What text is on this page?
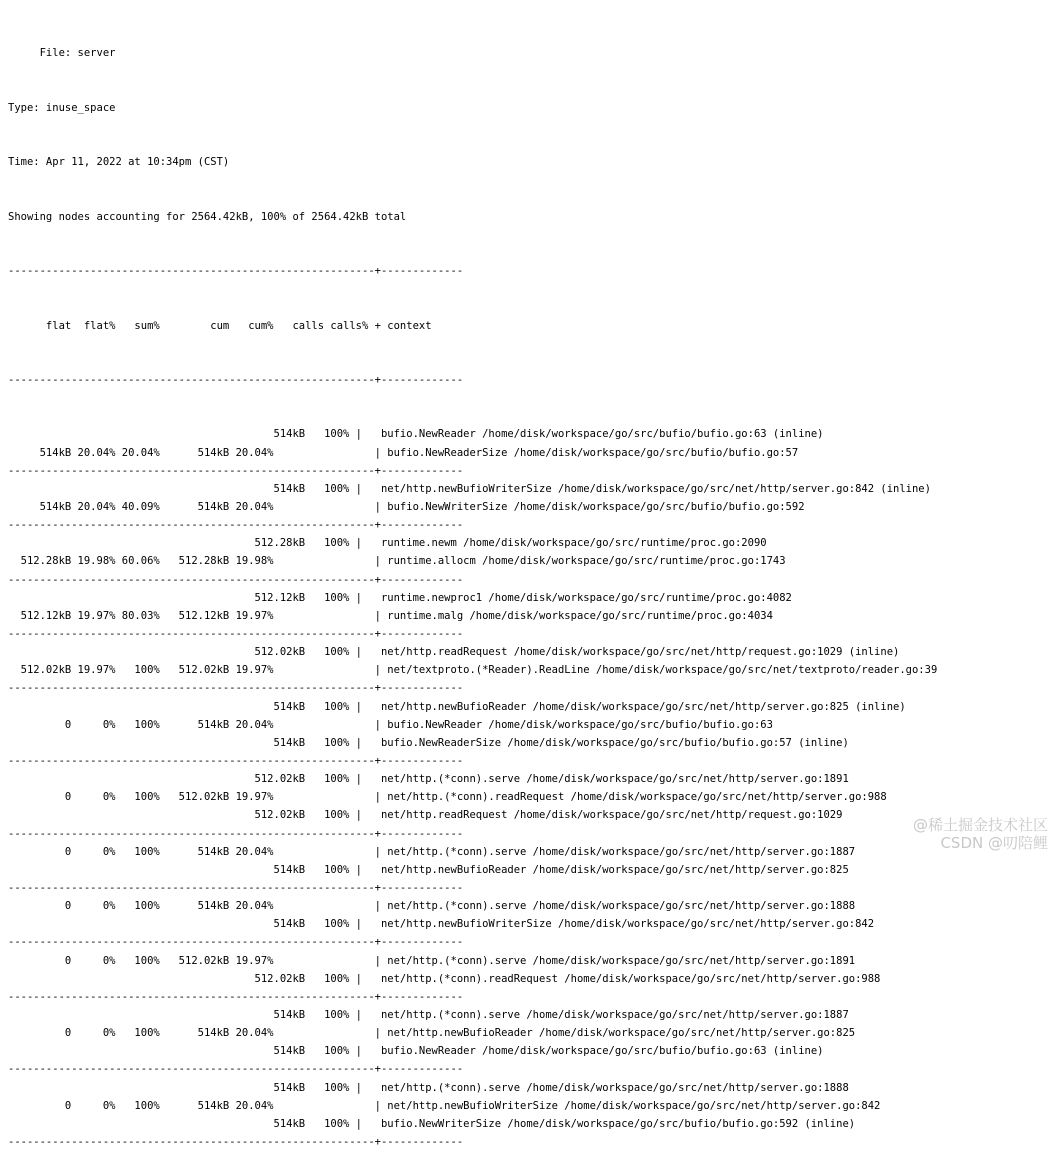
File: server

Type: inuse_space

Time: Apr 11, 2022 at 10:34pm (CST)

Showing nodes accounting for 2564.42kB, 100% of 2564.42kB total

----------------------------------------------------------+-------------

flat  flat%   sum%        cum   cum%   calls calls% + context

----------------------------------------------------------+-------------

514kB   100% |   bufio.NewReader /home/disk/workspace/go/src/bufio/bufio.go:63 (inline)
514kB 20.04% 20.04%      514kB 20.04%                | bufio.NewReaderSize /home/disk/workspace/go/src/bufio/bufio.go:57
----------------------------------------------------------+-------------
514kB   100% |   net/http.newBufioWriterSize /home/disk/workspace/go/src/net/http/server.go:842 (inline)
514kB 20.04% 40.09%      514kB 20.04%                | bufio.NewWriterSize /home/disk/workspace/go/src/bufio/bufio.go:592
----------------------------------------------------------+-------------
512.28kB   100% |   runtime.newm /home/disk/workspace/go/src/runtime/proc.go:2090
512.28kB 19.98% 60.06%   512.28kB 19.98%                | runtime.allocm /home/disk/workspace/go/src/runtime/proc.go:1743
----------------------------------------------------------+-------------
512.12kB   100% |   runtime.newproc1 /home/disk/workspace/go/src/runtime/proc.go:4082
512.12kB 19.97% 80.03%   512.12kB 19.97%                | runtime.malg /home/disk/workspace/go/src/runtime/proc.go:4034
----------------------------------------------------------+-------------
512.02kB   100% |   net/http.readRequest /home/disk/workspace/go/src/net/http/request.go:1029 (inline)
512.02kB 19.97%   100%   512.02kB 19.97%                | net/textproto.(*Reader).ReadLine /home/disk/workspace/go/src/net/textproto/reader.go:39
----------------------------------------------------------+-------------
514kB   100% |   net/http.newBufioReader /home/disk/workspace/go/src/net/http/server.go:825 (inline)
0     0%   100%      514kB 20.04%                | bufio.NewReader /home/disk/workspace/go/src/bufio/bufio.go:63
514kB   100% |   bufio.NewReaderSize /home/disk/workspace/go/src/bufio/bufio.go:57 (inline)
----------------------------------------------------------+-------------
512.02kB   100% |   net/http.(*conn).serve /home/disk/workspace/go/src/net/http/server.go:1891
0     0%   100%   512.02kB 19.97%                | net/http.(*conn).readRequest /home/disk/workspace/go/src/net/http/server.go:988
512.02kB   100% |   net/http.readRequest /home/disk/workspace/go/src/net/http/request.go:1029
----------------------------------------------------------+-------------
0     0%   100%      514kB 20.04%                | net/http.(*conn).serve /home/disk/workspace/go/src/net/http/server.go:1887
514kB   100% |   net/http.newBufioReader /home/disk/workspace/go/src/net/http/server.go:825
----------------------------------------------------------+-------------
0     0%   100%      514kB 20.04%                | net/http.(*conn).serve /home/disk/workspace/go/src/net/http/server.go:1888
514kB   100% |   net/http.newBufioWriterSize /home/disk/workspace/go/src/net/http/server.go:842
----------------------------------------------------------+-------------
0     0%   100%   512.02kB 19.97%                | net/http.(*conn).serve /home/disk/workspace/go/src/net/http/server.go:1891
512.02kB   100% |   net/http.(*conn).readRequest /home/disk/workspace/go/src/net/http/server.go:988
----------------------------------------------------------+-------------
514kB   100% |   net/http.(*conn).serve /home/disk/workspace/go/src/net/http/server.go:1887
0     0%   100%      514kB 20.04%                | net/http.newBufioReader /home/disk/workspace/go/src/net/http/server.go:825
514kB   100% |   bufio.NewReader /home/disk/workspace/go/src/bufio/bufio.go:63 (inline)
----------------------------------------------------------+-------------
514kB   100% |   net/http.(*conn).serve /home/disk/workspace/go/src/net/http/server.go:1888
0     0%   100%      514kB 20.04%                | net/http.newBufioWriterSize /home/disk/workspace/go/src/net/http/server.go:842
514kB   100% |   bufio.NewWriterSize /home/disk/workspace/go/src/bufio/bufio.go:592 (inline)
----------------------------------------------------------+-------------

@稀土掘金技术社区
CSDN @叨陪鲤
